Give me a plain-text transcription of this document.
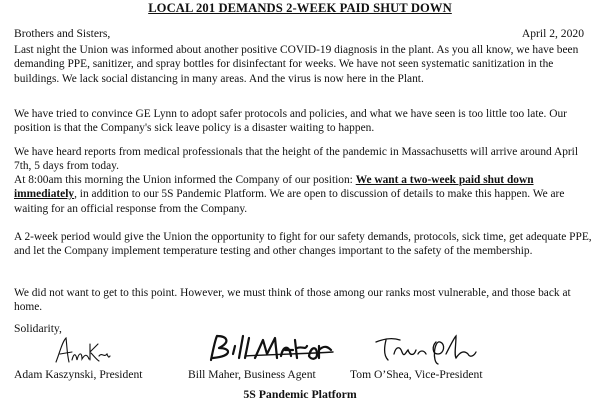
LOCAL 201 DEMANDS 2-WEEK PAID SHUT DOWN
Brothers and Sisters,	April 2, 2020

Last night the Union was informed about another positive COVID-19 diagnosis in the plant. As you all know, we have been demanding PPE, sanitizer, and spray bottles for disinfectant for weeks. We have not seen systematic sanitization in the buildings. We lack social distancing in many areas. And the virus is now here in the Plant.

We have tried to convince GE Lynn to adopt safer protocols and policies, and what we have seen is too little too late. Our position is that the Company's sick leave policy is a disaster waiting to happen.

We have heard reports from medical professionals that the height of the pandemic in Massachusetts will arrive around April 7th, 5 days from today.

At 8:00am this morning the Union informed the Company of our position: We want a two-week paid shut down immediately, in addition to our 5S Pandemic Platform. We are open to discussion of details to make this happen. We are waiting for an official response from the Company.

A 2-week period would give the Union the opportunity to fight for our safety demands, protocols, sick time, get adequate PPE, and let the Company implement temperature testing and other changes important to the safety of the membership.

We did not want to get to this point. However, we must think of those among our ranks most vulnerable, and those back at home.

Solidarity,
Adam Kaszynski, President	Bill Maher, Business Agent	Tom O’Shea, Vice-President
5S Pandemic Platform
